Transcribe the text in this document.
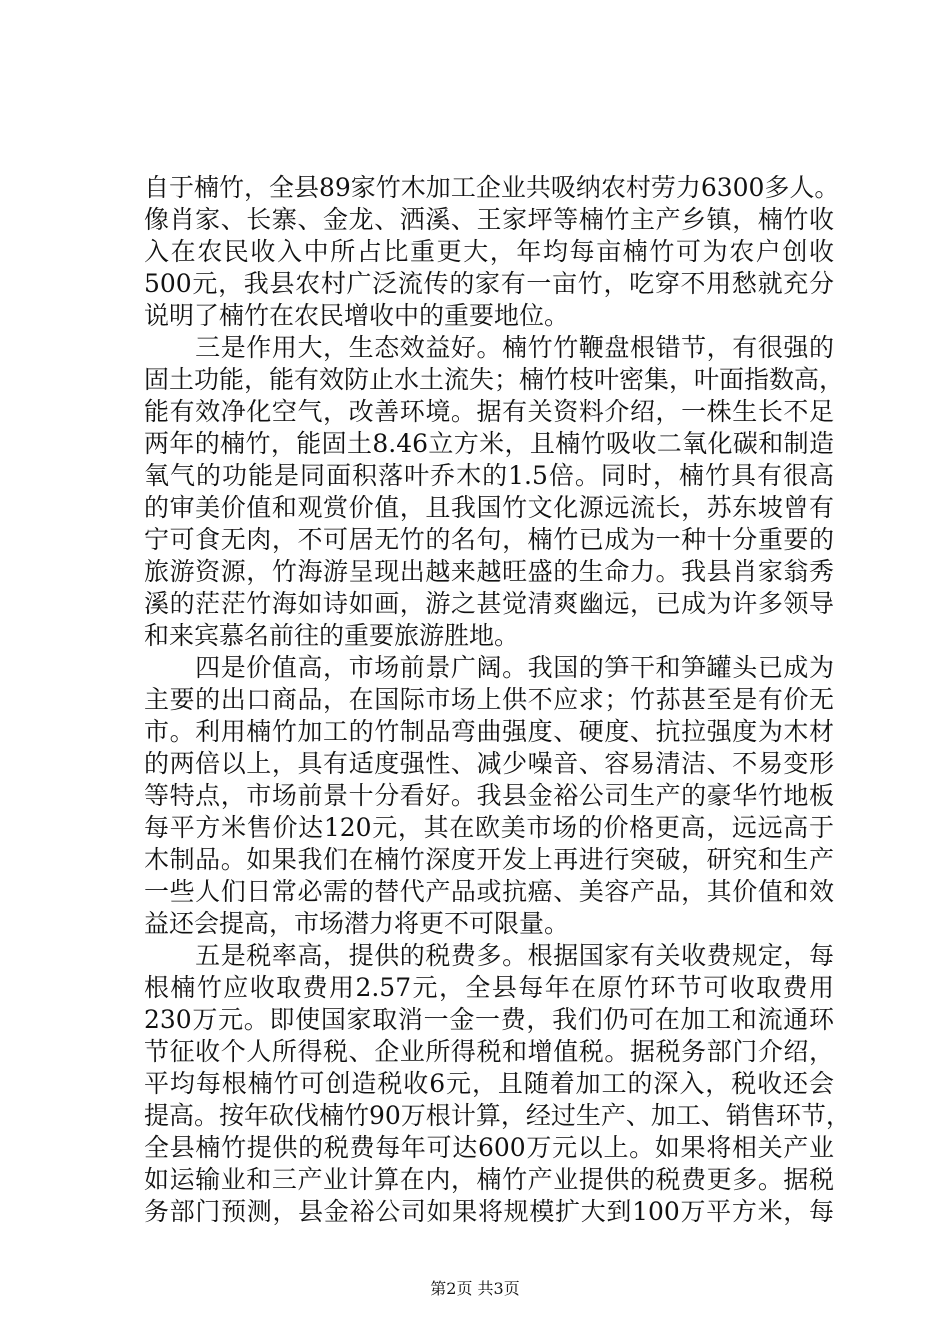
自于楠竹，全县89家竹木加工企业共吸纳农村劳力6300多人。
像肖家、长寨、金龙、洒溪、王家坪等楠竹主产乡镇，楠竹收
入在农民收入中所占比重更大，年均每亩楠竹可为农户创收
500元，我县农村广泛流传的家有一亩竹，吃穿不用愁就充分
说明了楠竹在农民增收中的重要地位。
　　三是作用大，生态效益好。楠竹竹鞭盘根错节，有很强的
固土功能，能有效防止水土流失；楠竹枝叶密集，叶面指数高，
能有效净化空气，改善环境。据有关资料介绍，一株生长不足
两年的楠竹，能固土8.46立方米，且楠竹吸收二氧化碳和制造
氧气的功能是同面积落叶乔木的1.5倍。同时，楠竹具有很高
的审美价值和观赏价值，且我国竹文化源远流长，苏东坡曾有
宁可食无肉，不可居无竹的名句，楠竹已成为一种十分重要的
旅游资源，竹海游呈现出越来越旺盛的生命力。我县肖家翁秀
溪的茫茫竹海如诗如画，游之甚觉清爽幽远，已成为许多领导
和来宾慕名前往的重要旅游胜地。
　　四是价值高，市场前景广阔。我国的笋干和笋罐头已成为
主要的出口商品，在国际市场上供不应求；竹荪甚至是有价无
市。利用楠竹加工的竹制品弯曲强度、硬度、抗拉强度为木材
的两倍以上，具有适度强性、减少噪音、容易清洁、不易变形
等特点，市场前景十分看好。我县金裕公司生产的豪华竹地板
每平方米售价达120元，其在欧美市场的价格更高，远远高于
木制品。如果我们在楠竹深度开发上再进行突破，研究和生产
一些人们日常必需的替代产品或抗癌、美容产品，其价值和效
益还会提高，市场潜力将更不可限量。
　　五是税率高，提供的税费多。根据国家有关收费规定，每
根楠竹应收取费用2.57元，全县每年在原竹环节可收取费用
230万元。即使国家取消一金一费，我们仍可在加工和流通环
节征收个人所得税、企业所得税和增值税。据税务部门介绍，
平均每根楠竹可创造税收6元，且随着加工的深入，税收还会
提高。按年砍伐楠竹90万根计算，经过生产、加工、销售环节，
全县楠竹提供的税费每年可达600万元以上。如果将相关产业
如运输业和三产业计算在内，楠竹产业提供的税费更多。据税
务部门预测，县金裕公司如果将规模扩大到100万平方米，每
第2页 共3页
